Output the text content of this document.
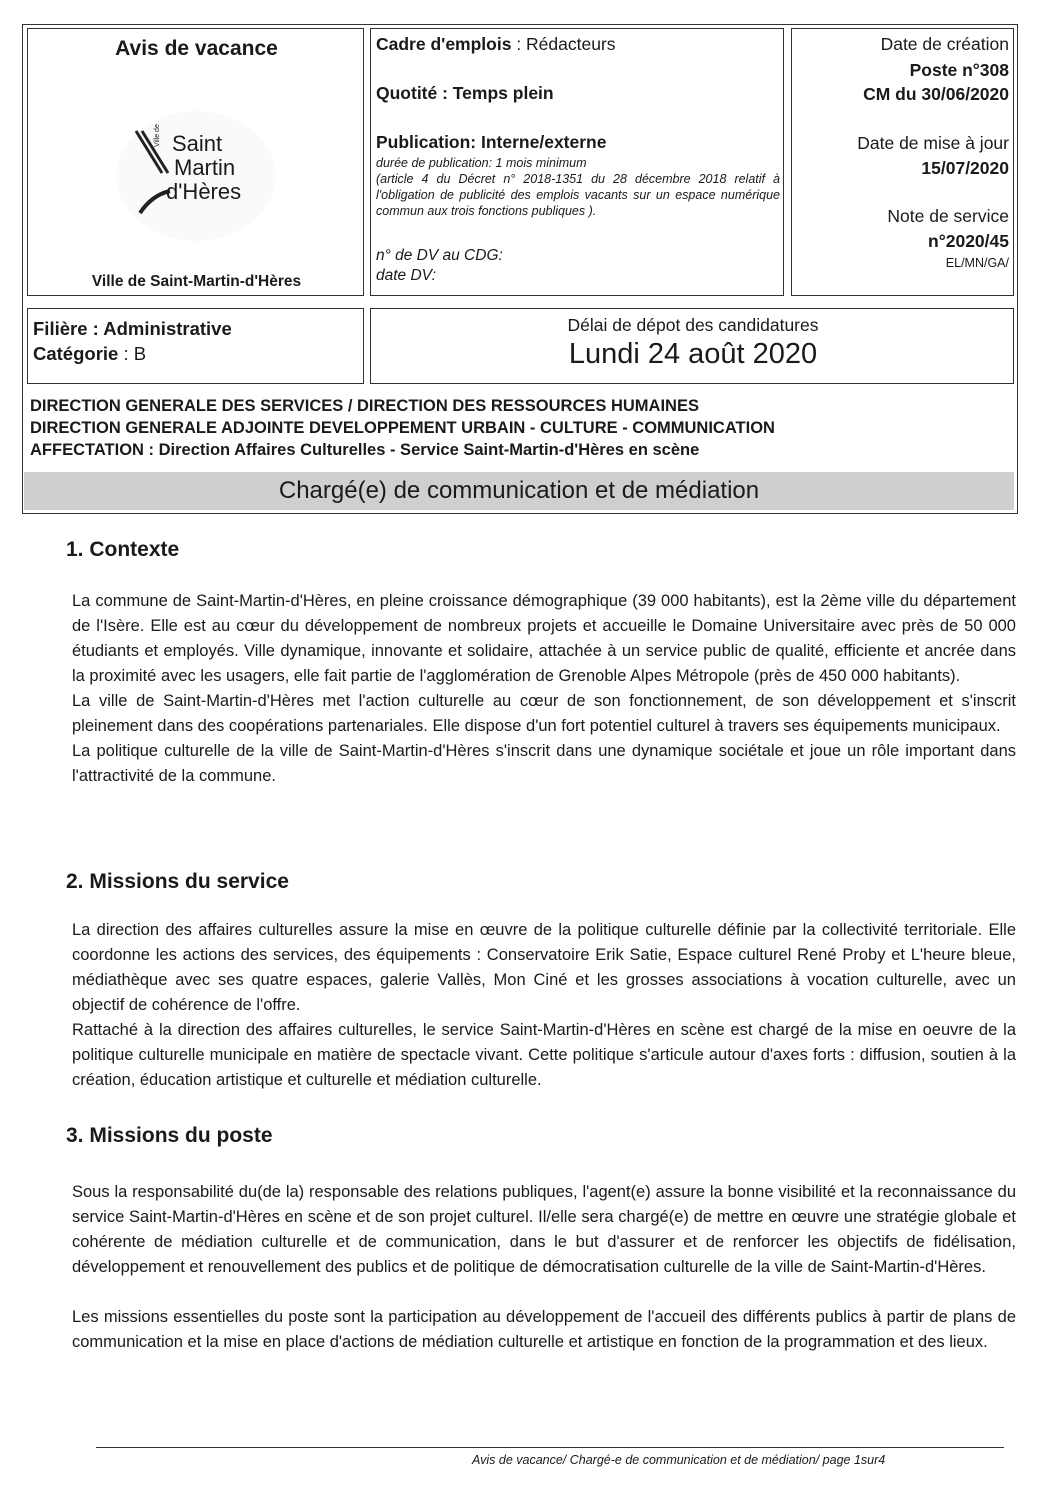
Avis de vacance
Ville de Saint
Martin
d'Hères
Ville de Saint-Martin-d'Hères
Cadre d'emplois : Rédacteurs
Quotité : Temps plein
Publication: Interne/externe
durée de publication: 1 mois minimum
(article 4 du Décret n° 2018-1351 du 28 décembre 2018 relatif à l'obligation de publicité des emplois vacants sur un espace numérique commun aux trois fonctions publiques ).
n° de DV au CDG:
date DV:
Date de création
Poste n°308
CM du 30/06/2020
Date de mise à jour
15/07/2020
Note de service
n°2020/45
EL/MN/GA/
Filière : Administrative
Catégorie : B
Délai de dépot des candidatures
Lundi 24 août 2020
DIRECTION GENERALE DES SERVICES / DIRECTION DES RESSOURCES HUMAINES
DIRECTION GENERALE ADJOINTE DEVELOPPEMENT URBAIN - CULTURE - COMMUNICATION
AFFECTATION : Direction Affaires Culturelles - Service Saint-Martin-d'Hères en scène
Chargé(e) de communication et de médiation
1. Contexte

La commune de Saint-Martin-d'Hères, en pleine croissance démographique (39 000 habitants), est la 2ème ville du département de l'Isère. Elle est au cœur du développement de nombreux projets et accueille le Domaine Universitaire avec près de 50 000 étudiants et employés. Ville dynamique, innovante et solidaire, attachée à un service public de qualité, efficiente et ancrée dans la proximité avec les usagers, elle fait partie de l'agglomération de Grenoble Alpes Métropole (près de 450 000 habitants).

La ville de Saint-Martin-d'Hères met l'action culturelle au cœur de son fonctionnement, de son développement et s'inscrit pleinement dans des coopérations partenariales. Elle dispose d'un fort potentiel culturel à travers ses équipements municipaux.

La politique culturelle de la ville de Saint-Martin-d'Hères s'inscrit dans une dynamique sociétale et joue un rôle important dans l'attractivité de la commune.

2. Missions du service

La direction des affaires culturelles assure la mise en œuvre de la politique culturelle définie par la collectivité territoriale. Elle coordonne les actions des services, des équipements : Conservatoire Erik Satie, Espace culturel René Proby et L'heure bleue, médiathèque avec ses quatre espaces, galerie Vallès, Mon Ciné et les grosses associations à vocation culturelle, avec un objectif de cohérence de l'offre.

Rattaché à la direction des affaires culturelles, le service Saint-Martin-d'Hères en scène est chargé de la mise en oeuvre de la politique culturelle municipale en matière de spectacle vivant. Cette politique s'articule autour d'axes forts : diffusion, soutien à la création, éducation artistique et culturelle et médiation culturelle.

3. Missions du poste

Sous la responsabilité du(de la) responsable des relations publiques, l'agent(e) assure la bonne visibilité et la reconnaissance du service Saint-Martin-d'Hères en scène et de son projet culturel. Il/elle sera chargé(e) de mettre en œuvre une stratégie globale et cohérente de médiation culturelle et de communication, dans le but d'assurer et de renforcer les objectifs de fidélisation, développement et renouvellement des publics et de politique de démocratisation culturelle de la ville de Saint-Martin-d'Hères.

Les missions essentielles du poste sont la participation au développement de l'accueil des différents publics à partir de plans de communication et la mise en place d'actions de médiation culturelle et artistique en fonction de la programmation et des lieux.

Avis de vacance/ Chargé-e de communication et de médiation/ page 1sur4
